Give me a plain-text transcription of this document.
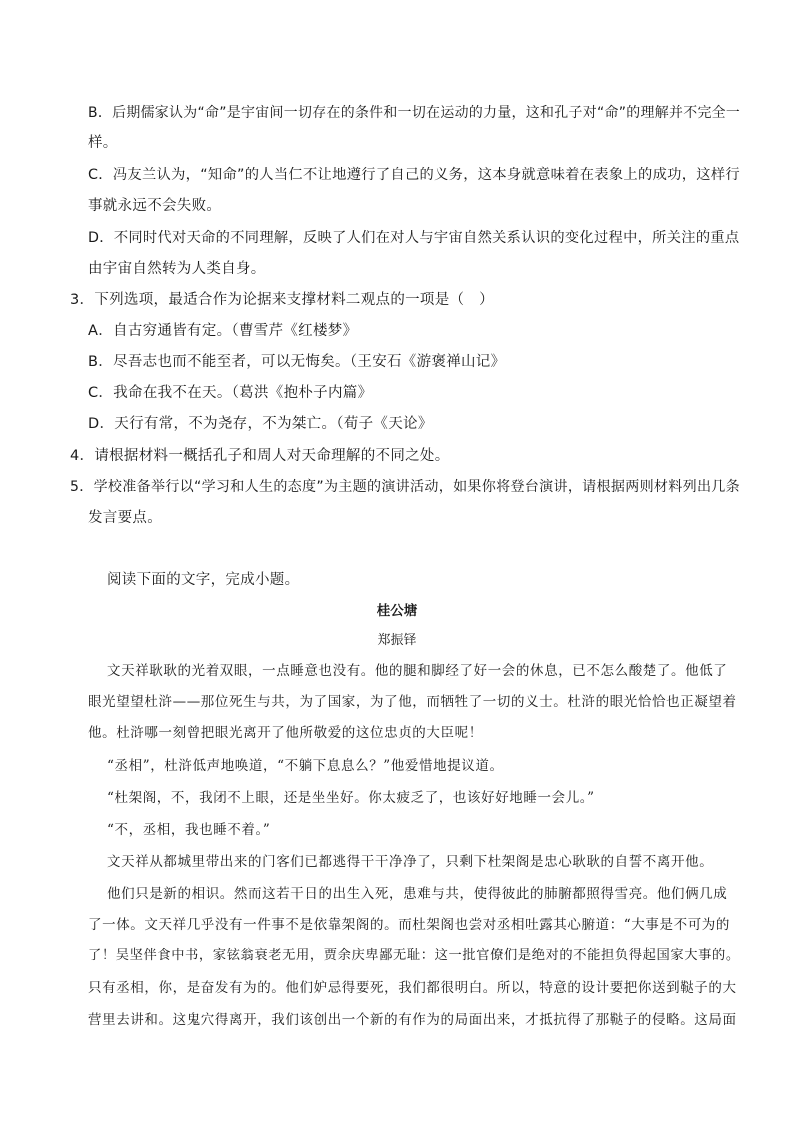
B．后期儒家认为“命”是宇宙间一切存在的条件和一切在运动的力量，这和孔子对“命”的理解并不完全一
样。
C．冯友兰认为，“知命”的人当仁不让地遵行了自己的义务，这本身就意味着在表象上的成功，这样行
事就永远不会失败。
D．不同时代对天命的不同理解，反映了人们在对人与宇宙自然关系认识的变化过程中，所关注的重点
由宇宙自然转为人类自身。
3．下列选项，最适合作为论据来支撑材料二观点的一项是（　）
A．自古穷通皆有定。（曹雪芹《红楼梦》
B．尽吾志也而不能至者，可以无悔矣。（王安石《游褒禅山记》
C．我命在我不在天。（葛洪《抱朴子内篇》
D．天行有常，不为尧存，不为桀亡。（荀子《天论》
4．请根据材料一概括孔子和周人对天命理解的不同之处。
5．学校准备举行以“学习和人生的态度”为主题的演讲活动，如果你将登台演讲，请根据两则材料列出几条
发言要点。
阅读下面的文字，完成小题。
桂公塘
郑振铎
文天祥耿耿的光着双眼，一点睡意也没有。他的腿和脚经了好一会的休息，已不怎么酸楚了。他低了
眼光望望杜浒——那位死生与共，为了国家，为了他，而牺牲了一切的义士。杜浒的眼光恰恰也正凝望着
他。杜浒哪一刻曾把眼光离开了他所敬爱的这位忠贞的大臣呢！
“丞相”，杜浒低声地唤道，“不躺下息息么？”他爱惜地提议道。
“杜架阁，不，我闭不上眼，还是坐坐好。你太疲乏了，也该好好地睡一会儿。”
“不，丞相，我也睡不着。”
文天祥从都城里带出来的门客们已都逃得干干净净了，只剩下杜架阁是忠心耿耿的自誓不离开他。
他们只是新的相识。然而这若干日的出生入死，患难与共，使得彼此的肺腑都照得雪亮。他们俩几成
了一体。文天祥几乎没有一件事不是依靠架阁的。而杜架阁也尝对丞相吐露其心腑道：“大事是不可为的
了！吴坚伴食中书，家铉翁衰老无用，贾余庆卑鄙无耻：这一批官僚们是绝对的不能担负得起国家大事的。
只有丞相，你，是奋发有为的。他们妒忌得要死，我们都很明白。所以，特意的设计要把你送到鞑子的大
营里去讲和。这鬼穴得离开，我们该创出一个新的有作为的局面出来，才抵抗得了那鞑子的侵略。这局面
